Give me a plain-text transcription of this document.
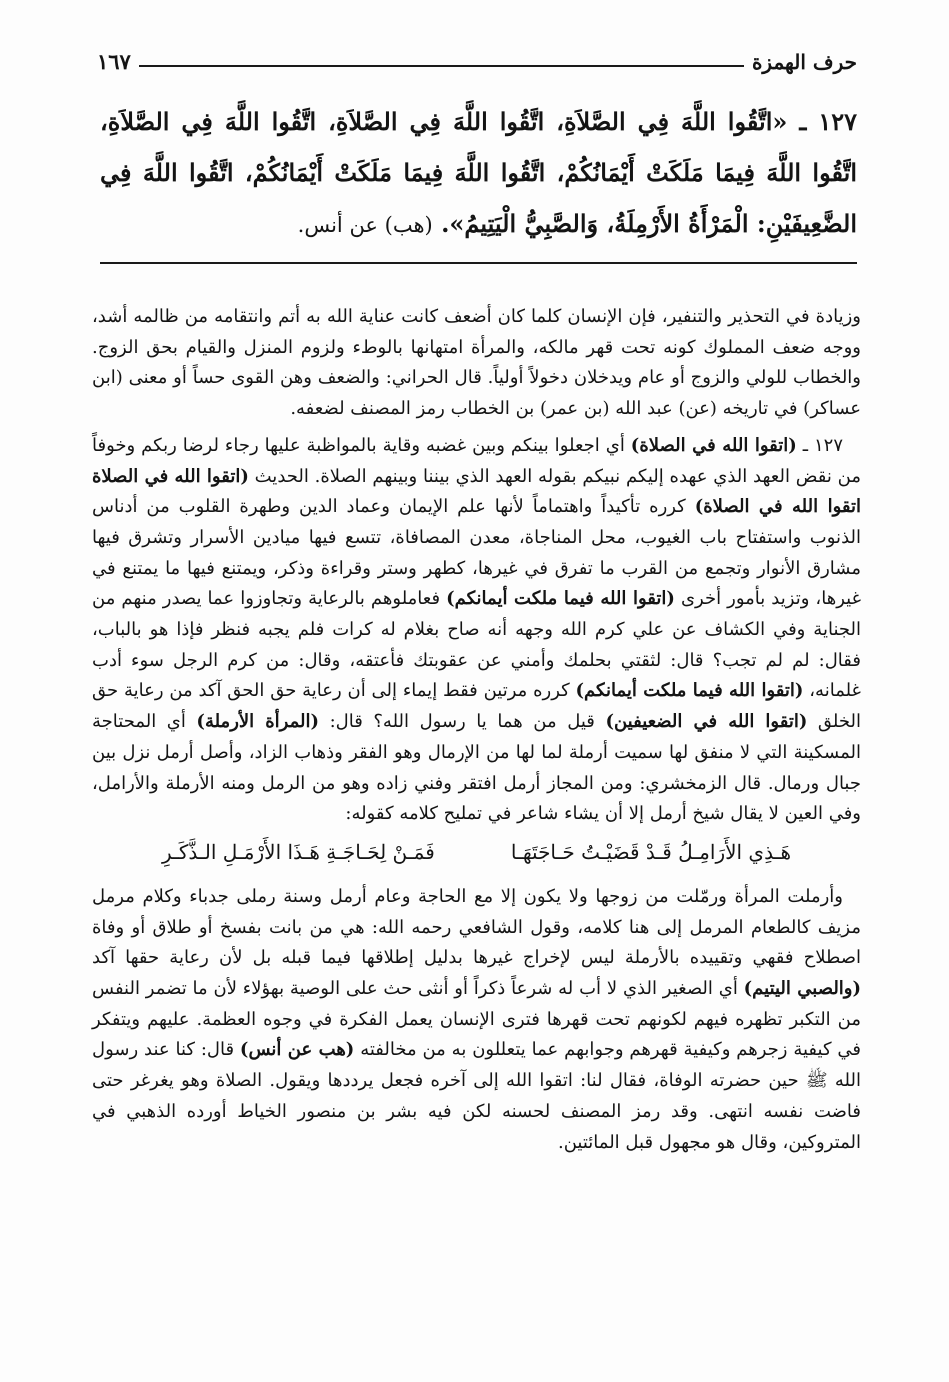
حرف الهمزة
١٦٧
١٢٧ ـ «اتَّقُوا اللَّهَ فِي الصَّلاَةِ، اتَّقُوا اللَّهَ فِي الصَّلاَةِ، اتَّقُوا اللَّهَ فِي الصَّلاَةِ، اتَّقُوا اللَّهَ فِيمَا مَلَكَتْ أَيْمَانُكُمْ، اتَّقُوا اللَّهَ فِيمَا مَلَكَتْ أَيْمَانُكُمْ، اتَّقُوا اللَّهَ فِي الضَّعِيفَيْنِ: الْمَرْأَةُ الأَرْمِلَةُ، وَالصَّبِيُّ الْيَتِيمُ». (هب) عن أنس.

وزيادة في التحذير والتنفير، فإن الإنسان كلما كان أضعف كانت عناية الله به أتم وانتقامه من ظالمه أشد، ووجه ضعف المملوك كونه تحت قهر مالكه، والمرأة امتهانها بالوطء ولزوم المنزل والقيام بحق الزوج. والخطاب للولي والزوج أو عام ويدخلان دخولاً أولياً. قال الحراني: والضعف وهن القوى حساً أو معنى (ابن عساكر) في تاريخه (عن) عبد الله (بن عمر) بن الخطاب رمز المصنف لضعفه.

١٢٧ ـ (اتقوا الله في الصلاة) أي اجعلوا بينكم وبين غضبه وقاية بالمواظبة عليها رجاء لرضا ربكم وخوفاً من نقض العهد الذي عهده إليكم نبيكم بقوله العهد الذي بيننا وبينهم الصلاة. الحديث (اتقوا الله في الصلاة اتقوا الله في الصلاة) كرره تأكيداً واهتماماً لأنها علم الإيمان وعماد الدين وطهرة القلوب من أدناس الذنوب واستفتاح باب الغيوب، محل المناجاة، معدن المصافاة، تتسع فيها ميادين الأسرار وتشرق فيها مشارق الأنوار وتجمع من القرب ما تفرق في غيرها، كطهر وستر وقراءة وذكر، ويمتنع فيها ما يمتنع في غيرها، وتزيد بأمور أخرى (اتقوا الله فيما ملكت أيمانكم) فعاملوهم بالرعاية وتجاوزوا عما يصدر منهم من الجناية وفي الكشاف عن علي كرم الله وجهه أنه صاح بغلام له كرات فلم يجبه فنظر فإذا هو بالباب، فقال: لم لم تجب؟ قال: لثقتي بحلمك وأمني عن عقوبتك فأعتقه، وقال: من كرم الرجل سوء أدب غلمانه، (اتقوا الله فيما ملكت أيمانكم) كرره مرتين فقط إيماء إلى أن رعاية حق الحق آكد من رعاية حق الخلق (اتقوا الله في الضعيفين) قيل من هما يا رسول الله؟ قال: (المرأة الأرملة) أي المحتاجة المسكينة التي لا منفق لها سميت أرملة لما لها من الإرمال وهو الفقر وذهاب الزاد، وأصل أرمل نزل بين جبال ورمال. قال الزمخشري: ومن المجاز أرمل افتقر وفني زاده وهو من الرمل ومنه الأرملة والأرامل، وفي العين لا يقال شيخ أرمل إلا أن يشاء شاعر في تمليح كلامه كقوله:

هَـذِي الأَرَامِـلُ قَـدْ قَضَيْـتُ حَـاجَتَهَـا
فَمَـنْ لِحَـاجَـةِ هَـذَا الأَرْمَـلِ الـذَّكَـرِ

وأرملت المرأة ورمّلت من زوجها ولا يكون إلا مع الحاجة وعام أرمل وسنة رملى جدباء وكلام مرمل مزيف كالطعام المرمل إلى هنا كلامه، وقول الشافعي رحمه الله: هي من بانت بفسخ أو طلاق أو وفاة اصطلاح فقهي وتقييده بالأرملة ليس لإخراج غيرها بدليل إطلاقها فيما قبله بل لأن رعاية حقها آكد (والصبي اليتيم) أي الصغير الذي لا أب له شرعاً ذكراً أو أنثى حث على الوصية بهؤلاء لأن ما تضمر النفس من التكبر تظهره فيهم لكونهم تحت قهرها فترى الإنسان يعمل الفكرة في وجوه العظمة. عليهم ويتفكر في كيفية زجرهم وكيفية قهرهم وجوابهم عما يتعللون به من مخالفته (هب عن أنس) قال: كنا عند رسول الله ﷺ حين حضرته الوفاة، فقال لنا: اتقوا الله إلى آخره فجعل يرددها ويقول. الصلاة وهو يغرغر حتى فاضت نفسه انتهى. وقد رمز المصنف لحسنه لكن فيه بشر بن منصور الخياط أورده الذهبي في المتروكين، وقال هو مجهول قبل المائتين.
